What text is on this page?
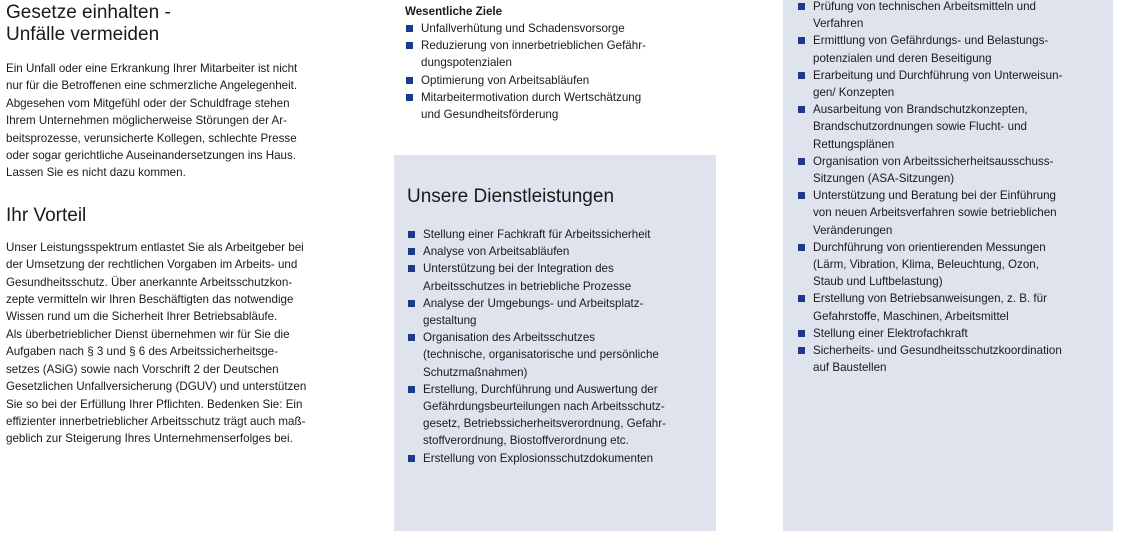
Gesetze einhalten -
Unfälle vermeiden

Ein Unfall oder eine Erkrankung Ihrer Mitarbeiter ist nicht
nur für die Betroffenen eine schmerzliche Angelegenheit.
Abgesehen vom Mitgefühl oder der Schuldfrage stehen
Ihrem Unternehmen möglicherweise Störungen der Ar-
beitsprozesse, verunsicherte Kollegen, schlechte Presse
oder sogar gerichtliche Auseinandersetzungen ins Haus.
Lassen Sie es nicht dazu kommen.

Ihr Vorteil

Unser Leistungsspektrum entlastet Sie als Arbeitgeber bei
der Umsetzung der rechtlichen Vorgaben im Arbeits- und
Gesundheitsschutz. Über anerkannte Arbeitsschutzkon-
zepte vermitteln wir Ihren Beschäftigten das notwendige
Wissen rund um die Sicherheit Ihrer Betriebsabläufe.
Als überbetrieblicher Dienst übernehmen wir für Sie die
Aufgaben nach § 3 und § 6 des Arbeitssicherheitsge-
setzes (ASiG) sowie nach Vorschrift 2 der Deutschen
Gesetzlichen Unfallversicherung (DGUV) und unterstützen
Sie so bei der Erfüllung Ihrer Pflichten. Bedenken Sie: Ein
effizienter innerbetrieblicher Arbeitsschutz trägt auch maß-
geblich zur Steigerung Ihres Unternehmenserfolges bei.

Wesentliche Ziele
Unfallverhütung und Schadensvorsorge
Reduzierung von innerbetrieblichen Gefähr-
dungspotenzialen
Optimierung von Arbeitsabläufen
Mitarbeitermotivation durch Wertschätzung
und Gesundheitsförderung
Unsere Dienstleistungen
Stellung einer Fachkraft für Arbeitssicherheit
Analyse von Arbeitsabläufen
Unterstützung bei der Integration des
Arbeitsschutzes in betriebliche Prozesse
Analyse der Umgebungs- und Arbeitsplatz-
gestaltung
Organisation des Arbeitsschutzes
(technische, organisatorische und persönliche
Schutzmaßnahmen)
Erstellung, Durchführung und Auswertung der
Gefährdungsbeurteilungen nach Arbeitsschutz-
gesetz, Betriebssicherheitsverordnung, Gefahr-
stoffverordnung, Biostoffverordnung etc.
Erstellung von Explosionsschutzdokumenten
Prüfung von technischen Arbeitsmitteln und
Verfahren
Ermittlung von Gefährdungs- und Belastungs-
potenzialen und deren Beseitigung
Erarbeitung und Durchführung von Unterweisun-
gen/ Konzepten
Ausarbeitung von Brandschutzkonzepten,
Brandschutzordnungen sowie Flucht- und
Rettungsplänen
Organisation von Arbeitssicherheitsausschuss-
Sitzungen (ASA-Sitzungen)
Unterstützung und Beratung bei der Einführung
von neuen Arbeitsverfahren sowie betrieblichen
Veränderungen
Durchführung von orientierenden Messungen
(Lärm, Vibration, Klima, Beleuchtung, Ozon,
Staub und Luftbelastung)
Erstellung von Betriebsanweisungen, z. B. für
Gefahrstoffe, Maschinen, Arbeitsmittel
Stellung einer Elektrofachkraft
Sicherheits- und Gesundheitsschutzkoordination
auf Baustellen
